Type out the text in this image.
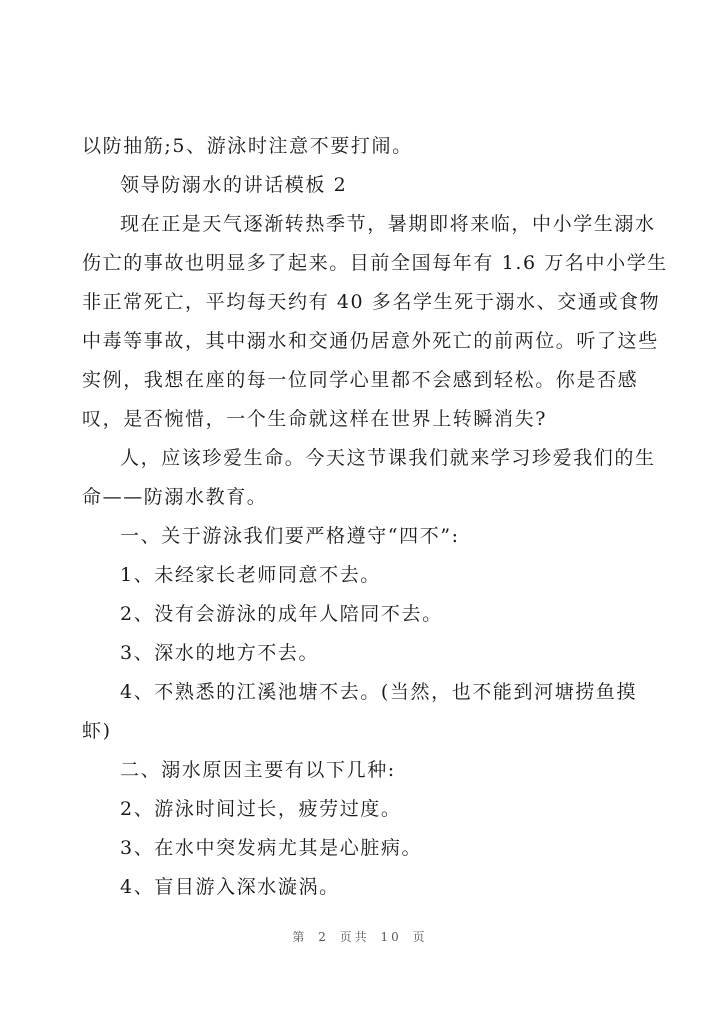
以防抽筋;5、游泳时注意不要打闹。
领导防溺水的讲话模板 2
现在正是天气逐渐转热季节，暑期即将来临，中小学生溺水
伤亡的事故也明显多了起来。目前全国每年有 1.6 万名中小学生
非正常死亡，平均每天约有 40 多名学生死于溺水、交通或食物
中毒等事故，其中溺水和交通仍居意外死亡的前两位。听了这些
实例，我想在座的每一位同学心里都不会感到轻松。你是否感
叹，是否惋惜，一个生命就这样在世界上转瞬消失?
人，应该珍爱生命。今天这节课我们就来学习珍爱我们的生
命——防溺水教育。
一、关于游泳我们要严格遵守“四不”:
1、未经家长老师同意不去。
2、没有会游泳的成年人陪同不去。
3、深水的地方不去。
4、不熟悉的江溪池塘不去。(当然，也不能到河塘捞鱼摸
虾)
二、溺水原因主要有以下几种:
2、游泳时间过长，疲劳过度。
3、在水中突发病尤其是心脏病。
4、盲目游入深水漩涡。
第 2 页共 10 页
